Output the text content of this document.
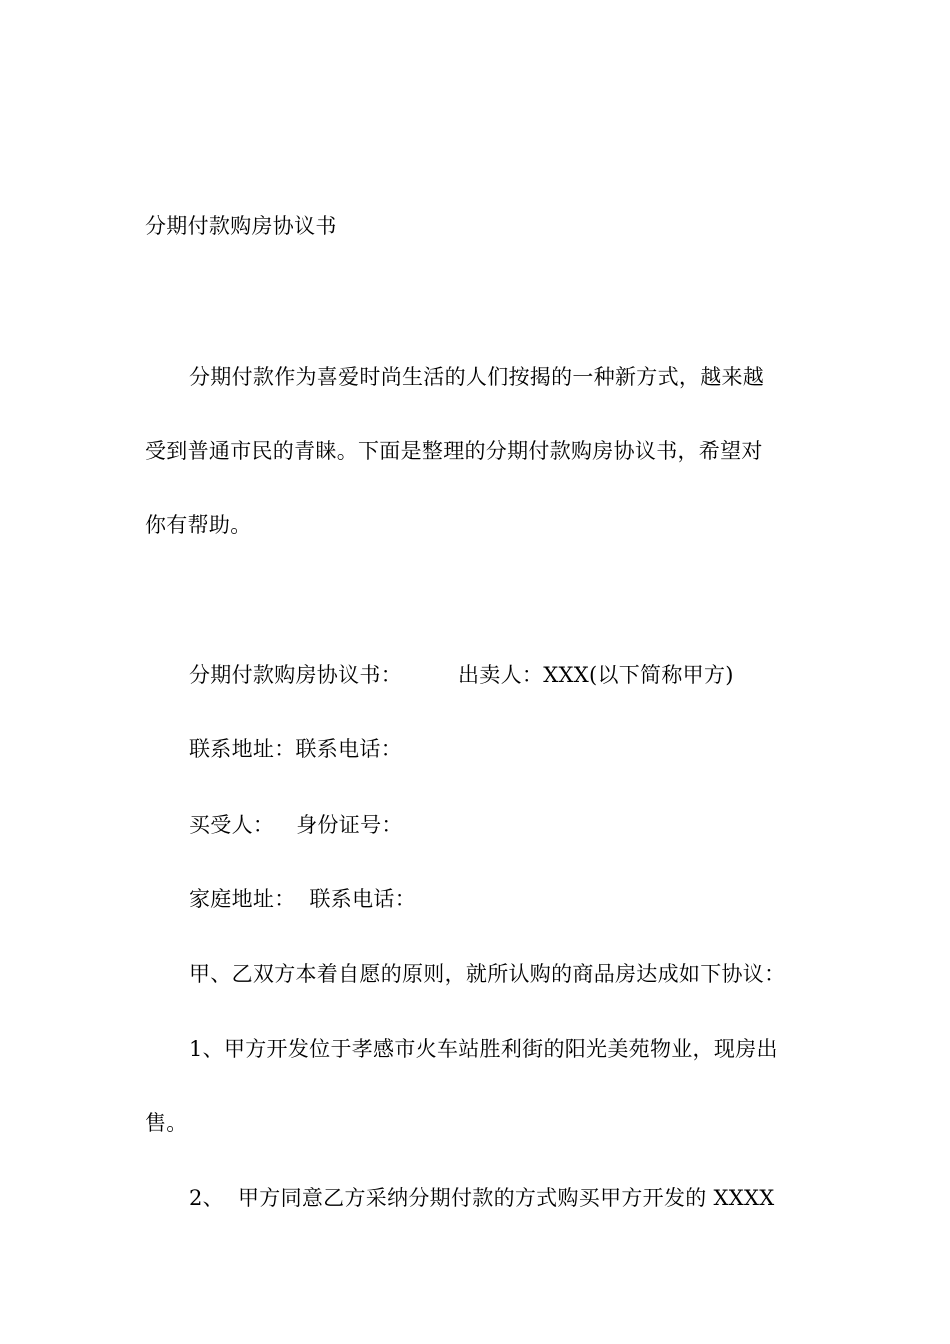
分期付款购房协议书
分期付款作为喜爱时尚生活的人们按揭的一种新方式，越来越
受到普通市民的青睐。下面是整理的分期付款购房协议书，希望对
你有帮助。
分期付款购房协议书：	出卖人：XXX(以下简称甲方)
联系地址：联系电话：
买受人： 身份证号：
家庭地址： 联系电话：
甲、乙双方本着自愿的原则，就所认购的商品房达成如下协议：
1、甲方开发位于孝感市火车站胜利街的阳光美苑物业，现房出
售。
2、 甲方同意乙方采纳分期付款的方式购买甲方开发的 XXXX
